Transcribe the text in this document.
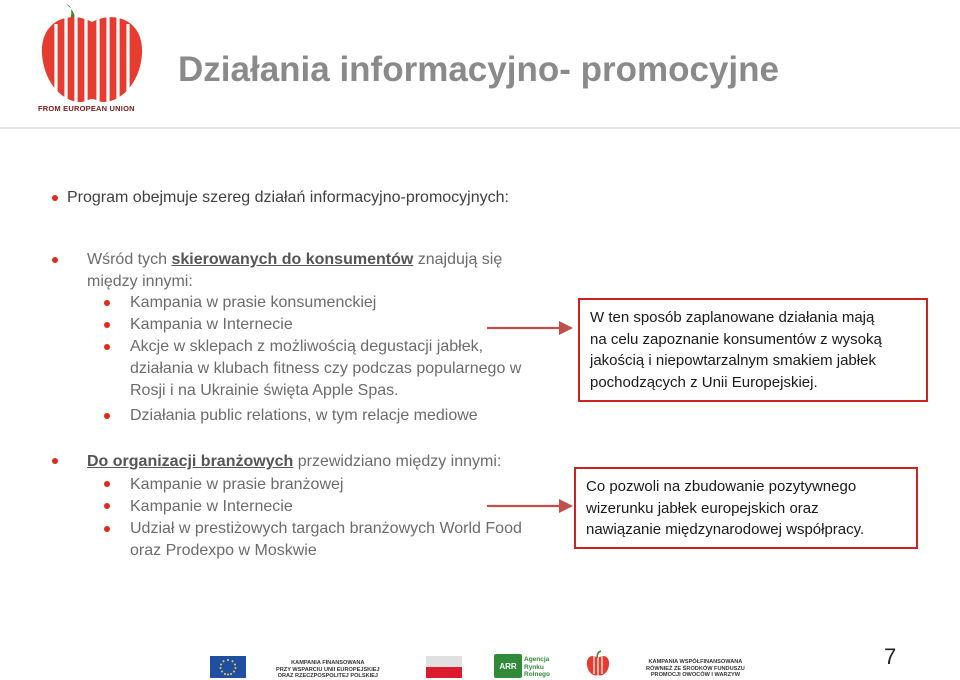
FROM EUROPEAN UNION
Działania informacyjno- promocyjne
Program obejmuje szereg działań informacyjno-promocyjnych:
Wśród tych skierowanych do konsumentów znajdują się
między innymi:
Kampania w prasie konsumenckiej
Kampania w Internecie
Akcje w sklepach z możliwością degustacji jabłek,
działania w klubach fitness czy podczas popularnego w
Rosji i na Ukrainie święta Apple Spas.
Działania public relations, w tym relacje mediowe
Do organizacji branżowych przewidziano między innymi:
Kampanie w prasie branżowej
Kampanie w Internecie
Udział w prestiżowych targach branżowych World Food
oraz Prodexpo w Moskwie
W ten sposób zaplanowane działania mają
na celu zapoznanie konsumentów z wysoką
jakością i niepowtarzalnym smakiem jabłek
pochodzących z Unii Europejskiej.
Co pozwoli na zbudowanie pozytywnego
wizerunku jabłek europejskich oraz
nawiązanie międzynarodowej współpracy.
KAMPANIA FINANSOWANA
PRZY WSPARCIU UNII EUROPEJSKIEJ
ORAZ RZECZPOSPOLITEJ POLSKIEJ
ARR
Agencja
Rynku
Rolnego
KAMPANIA WSPÓŁFINANSOWANA
RÓWNIEŻ ZE ŚRODKÓW FUNDUSZU
PROMOCJI OWOCÓW I WARZYW
7
